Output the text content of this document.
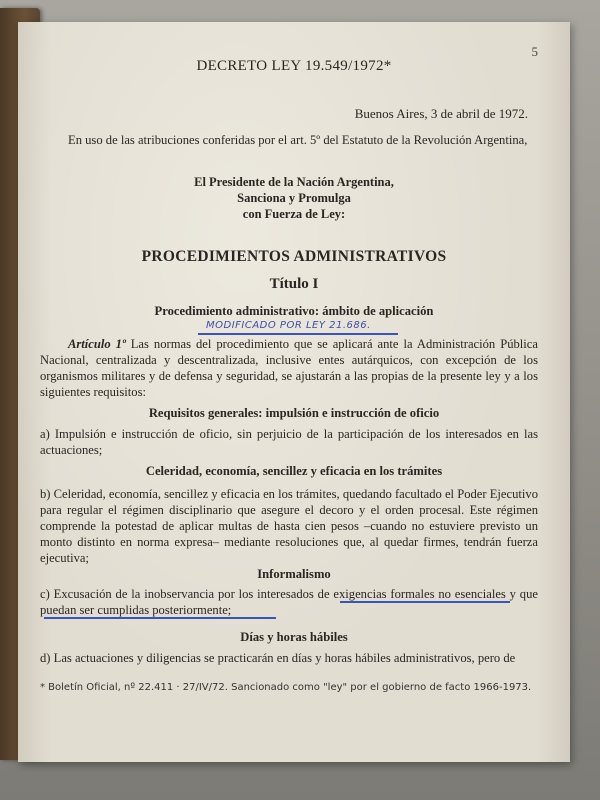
5
DECRETO LEY 19.549/1972*
Buenos Aires, 3 de abril de 1972.
En uso de las atribuciones conferidas por el art. 5º del Estatuto de la Revolución Argentina,
El Presidente de la Nación Argentina,
Sanciona y Promulga
con Fuerza de Ley:
PROCEDIMIENTOS ADMINISTRATIVOS
Título I
Procedimiento administrativo: ámbito de aplicación
MODIFICADO POR LEY 21.686.
Artículo 1º Las normas del procedimiento que se aplicará ante la Administración Pública Nacional, centralizada y descentralizada, inclusive entes autárquicos, con excepción de los organismos militares y de defensa y seguridad, se ajustarán a las propias de la presente ley y a los siguientes requisitos:
Requisitos generales: impulsión e instrucción de oficio
a) Impulsión e instrucción de oficio, sin perjuicio de la participación de los interesados en las actuaciones;
Celeridad, economía, sencillez y eficacia en los trámites
b) Celeridad, economía, sencillez y eficacia en los trámites, quedando facultado el Poder Ejecutivo para regular el régimen disciplinario que asegure el decoro y el orden procesal. Este régimen comprende la potestad de aplicar multas de hasta cien pesos –cuando no estuviere previsto un monto distinto en norma expresa– mediante resoluciones que, al quedar firmes, tendrán fuerza ejecutiva;
Informalismo
c) Excusación de la inobservancia por los interesados de exigencias formales no esenciales y que puedan ser cumplidas posteriormente;
Días y horas hábiles
d) Las actuaciones y diligencias se practicarán en días y horas hábiles administrativos, pero de
* Boletín Oficial, nº 22.411 · 27/IV/72. Sancionado como "ley" por el gobierno de facto 1966-1973.
